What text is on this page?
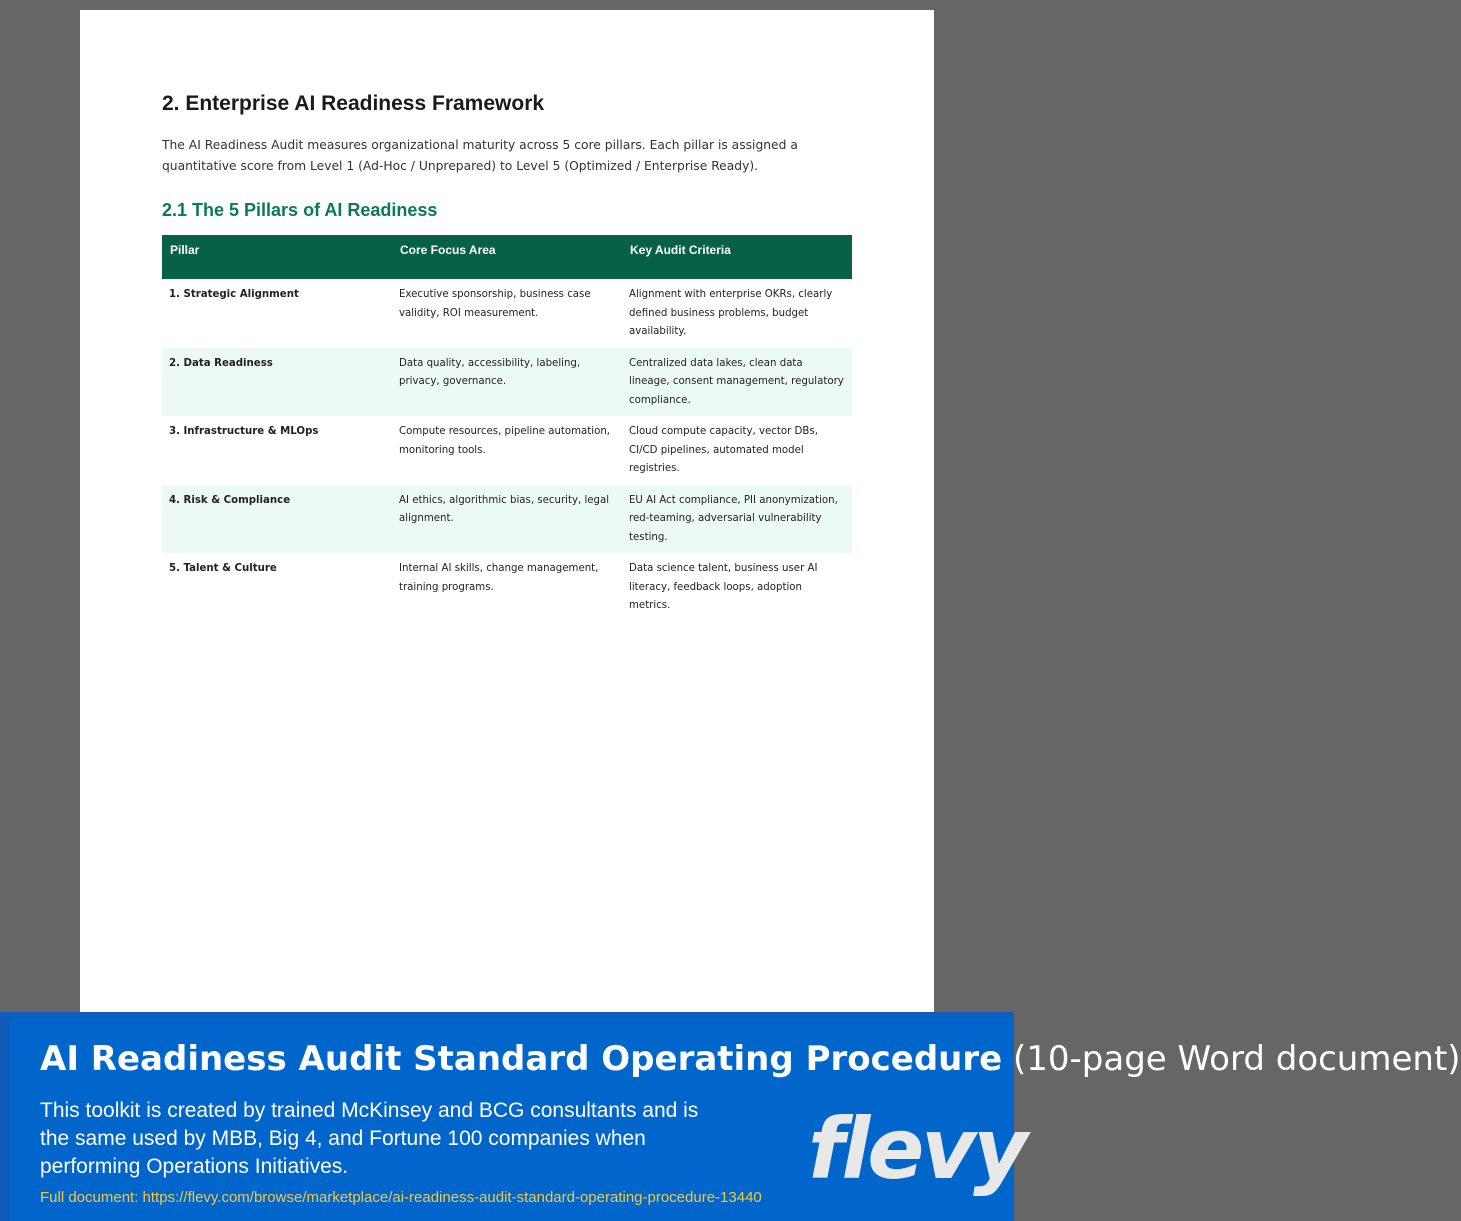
2. Enterprise AI Readiness Framework

The AI Readiness Audit measures organizational maturity across 5 core pillars. Each pillar is assigned a quantitative score from Level 1 (Ad-Hoc / Unprepared) to Level 5 (Optimized / Enterprise Ready).

2.1 The 5 Pillars of AI Readiness
Pillar	Core Focus Area	Key Audit Criteria
1. Strategic Alignment	Executive sponsorship, business case validity, ROI measurement.	Alignment with enterprise OKRs, clearly defined business problems, budget availability.
2. Data Readiness	Data quality, accessibility, labeling, privacy, governance.	Centralized data lakes, clean data lineage, consent management, regulatory compliance.
3. Infrastructure & MLOps	Compute resources, pipeline automation, monitoring tools.	Cloud compute capacity, vector DBs, CI/CD pipelines, automated model registries.
4. Risk & Compliance	AI ethics, algorithmic bias, security, legal alignment.	EU AI Act compliance, PII anonymization, red-teaming, adversarial vulnerability testing.
5. Talent & Culture	Internal AI skills, change management, training programs.	Data science talent, business user AI literacy, feedback loops, adoption metrics.
AI Readiness Audit Standard Operating Procedure (10-page Word document)
This toolkit is created by trained McKinsey and BCG consultants and is the same used by MBB, Big 4, and Fortune 100 companies when performing Operations Initiatives.
Full document: https://flevy.com/browse/marketplace/ai-readiness-audit-standard-operating-procedure-13440 flevy
